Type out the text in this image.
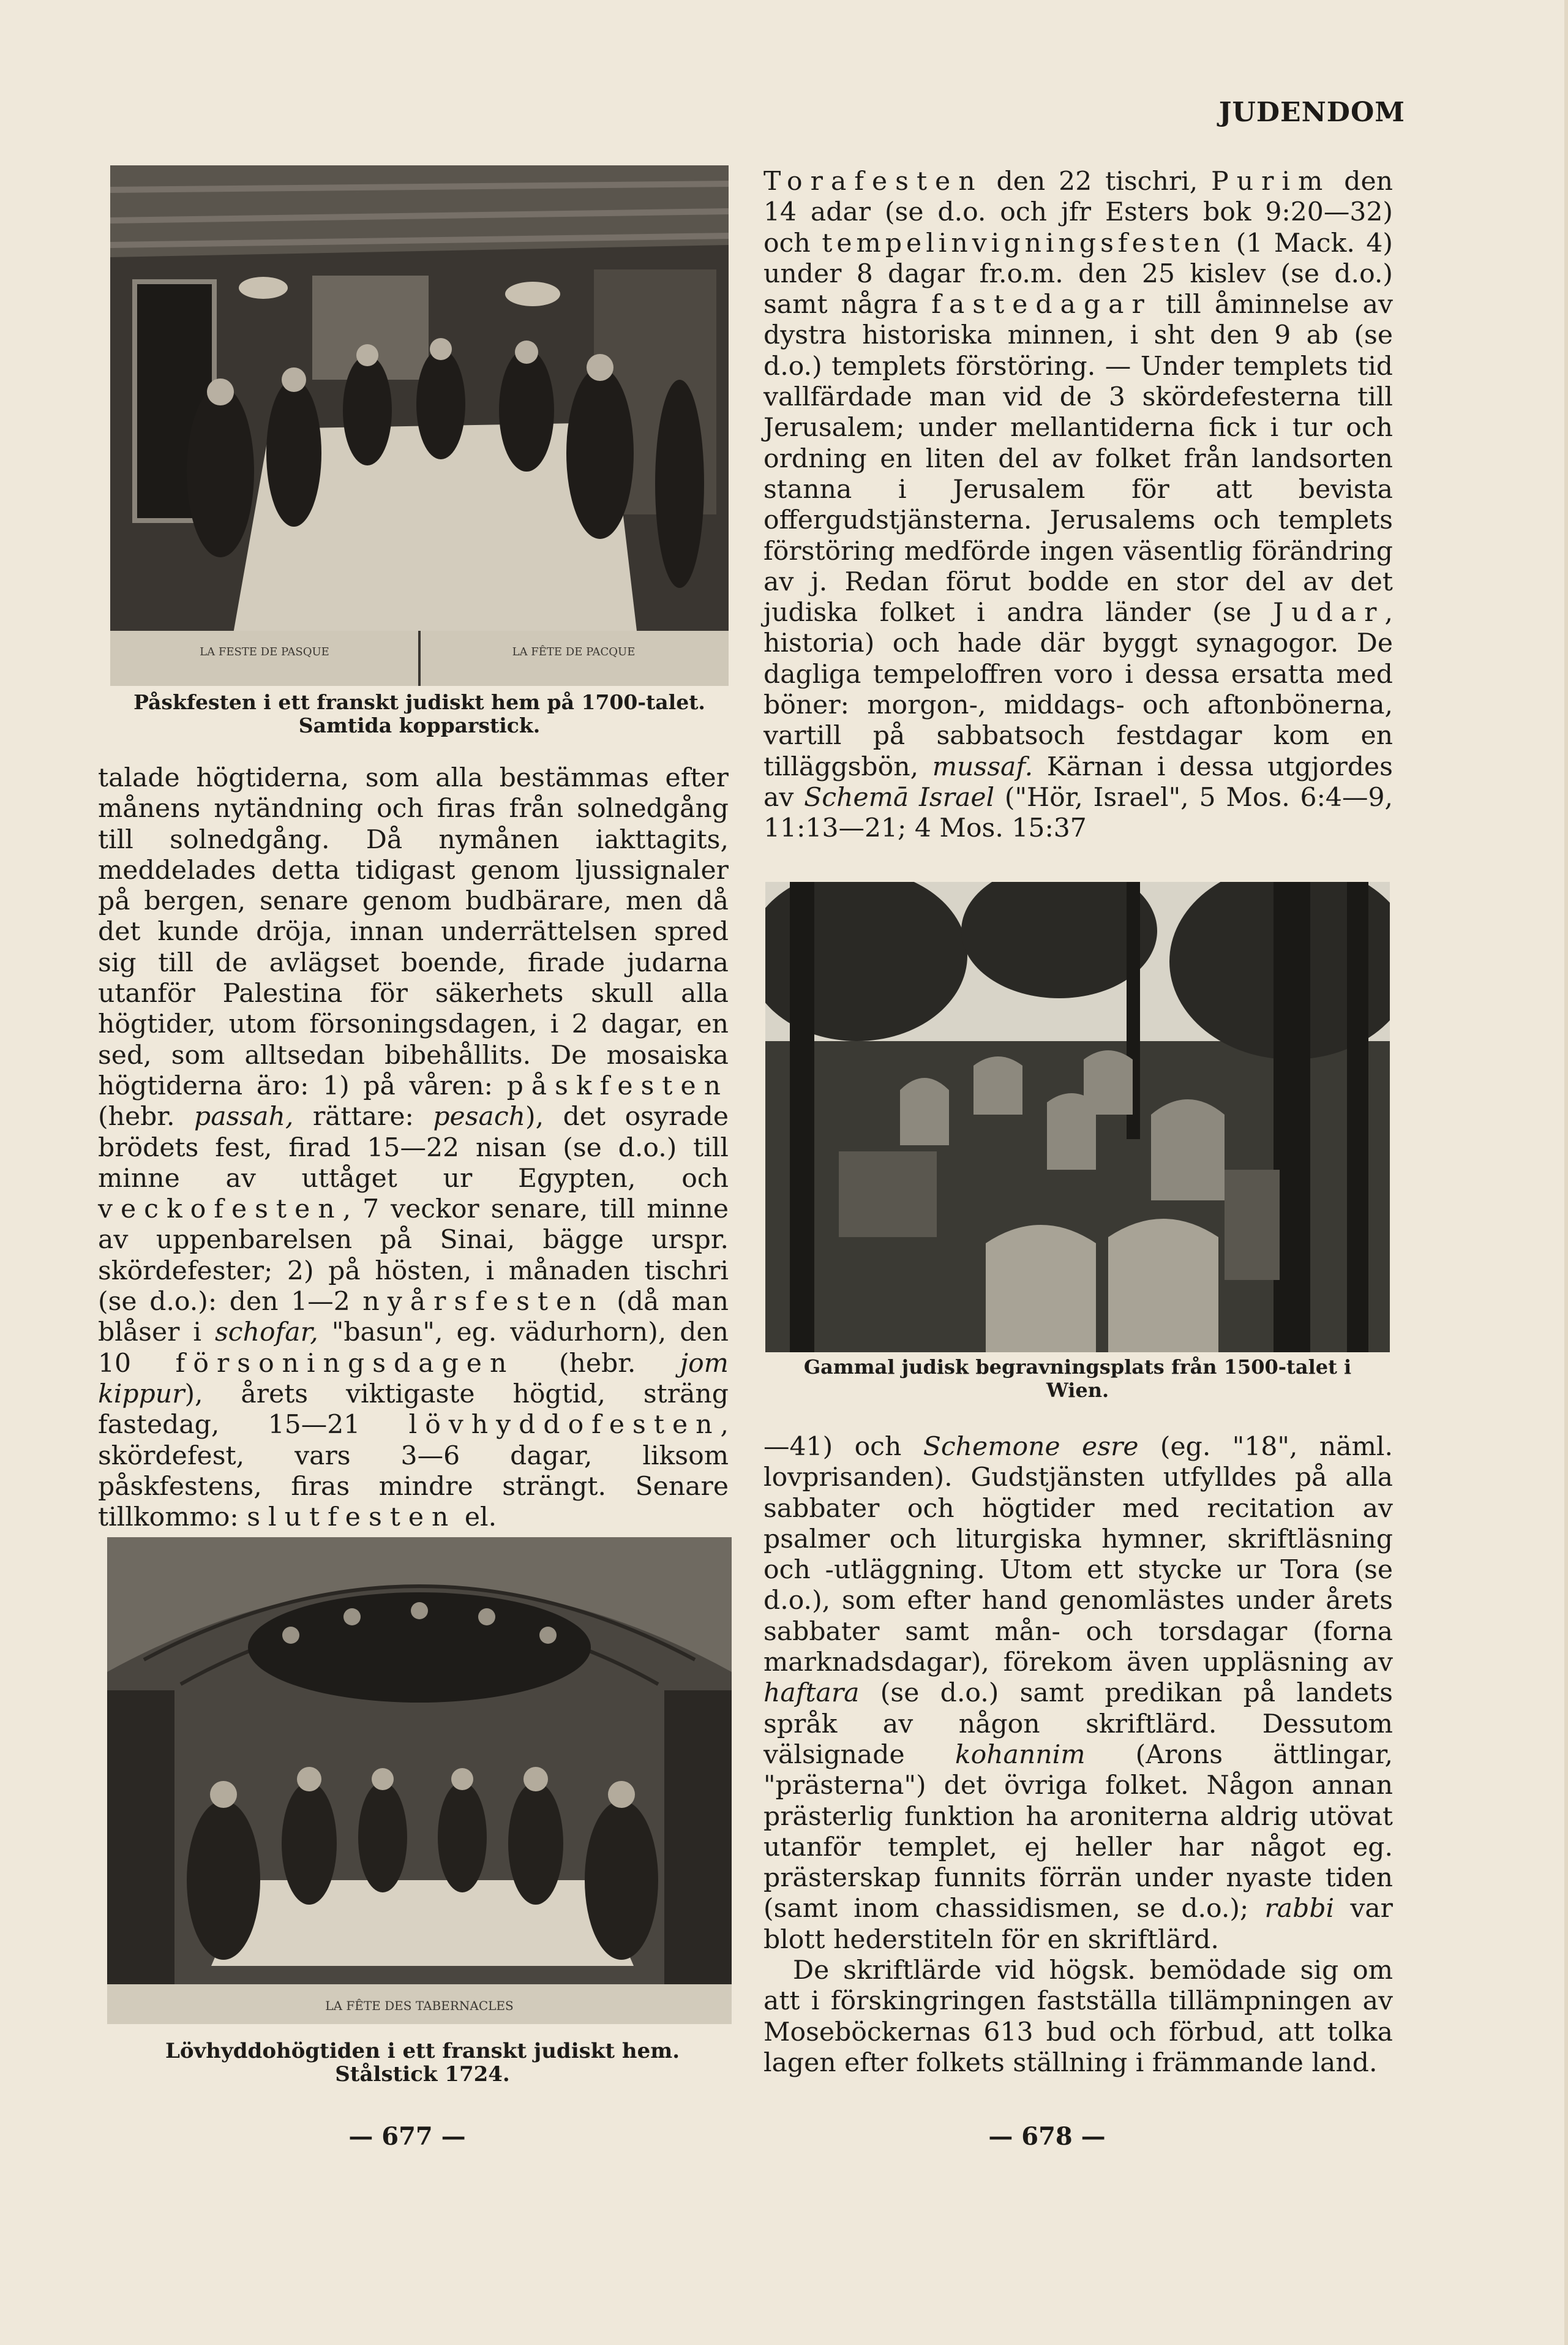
JUDENDOM
LA FESTE DE PASQUE	LA FÊTE DE PACQUE
Påskfesten i ett franskt judiskt hem på 1700-talet. Samtida kopparstick.

talade högtiderna, som alla bestämmas efter månens nytändning och firas från solnedgång till solnedgång. Då nymånen iakttagits, meddelades detta tidigast genom ljussignaler på bergen, senare genom budbärare, men då det kunde dröja, innan underrättelsen spred sig till de avlägset boende, firade judarna utanför Palestina för säkerhets skull alla högtider, utom försoningsdagen, i 2 dagar, en sed, som alltsedan bibehållits. De mosaiska högtiderna äro: 1) på våren: påskfesten (hebr. passah, rättare: pesach), det osyrade brödets fest, firad 15—22 nisan (se d.o.) till minne av uttåget ur Egypten, och veckofesten, 7 veckor senare, till minne av uppenbarelsen på Sinai, bägge urspr. skördefester; 2) på hösten, i månaden tischri (se d.o.): den 1—2 nyårsfesten (då man blåser i schofar, "basun", eg. vädurhorn), den 10 försoningsdagen (hebr. jom kippur), årets viktigaste högtid, sträng fastedag, 15—21 lövhyddofesten, skördefest, vars 3—6 dagar, liksom påskfestens, firas mindre strängt. Senare tillkommo: slutfesten el.

LA FÊTE DES TABERNACLES
Lövhyddohögtiden i ett franskt judiskt hem. Stålstick 1724.
— 677 —

Torafesten den 22 tischri, Purim den 14 adar (se d.o. och jfr Esters bok 9:20—32) och tempelinvigningsfesten (1 Mack. 4) under 8 dagar fr.o.m. den 25 kislev (se d.o.) samt några fastedagar till åminnelse av dystra historiska minnen, i sht den 9 ab (se d.o.) templets förstöring. — Under templets tid vallfärdade man vid de 3 skördefesterna till Jerusalem; under mellantiderna fick i tur och ordning en liten del av folket från landsorten stanna i Jerusalem för att bevista offergudstjänsterna. Jerusalems och templets förstöring medförde ingen väsentlig förändring av j. Redan förut bodde en stor del av det judiska folket i andra länder (se Judar, historia) och hade där byggt synagogor. De dagliga tempeloffren voro i dessa ersatta med böner: morgon-, middags- och aftonbönerna, vartill på sabbatsoch festdagar kom en tilläggsbön, mussaf. Kärnan i dessa utgjordes av Schemā Israel ("Hör, Israel", 5 Mos. 6:4—9, 11:13—21; 4 Mos. 15:37

Gammal judisk begravningsplats från 1500-talet i Wien.

—41) och Schemone esre (eg. "18", näml. lovprisanden). Gudstjänsten utfylldes på alla sabbater och högtider med recitation av psalmer och liturgiska hymner, skriftläsning och -utläggning. Utom ett stycke ur Tora (se d.o.), som efter hand genomlästes under årets sabbater samt mån- och torsdagar (forna marknadsdagar), förekom även uppläsning av haftara (se d.o.) samt predikan på landets språk av någon skriftlärd. Dessutom välsignade kohannim (Arons ättlingar, "prästerna") det övriga folket. Någon annan prästerlig funktion ha aroniterna aldrig utövat utanför templet, ej heller har något eg. prästerskap funnits förrän under nyaste tiden (samt inom chassidismen, se d.o.); rabbi var blott hederstiteln för en skriftlärd.

De skriftlärde vid högsk. bemödade sig om att i förskingringen fastställa tillämpningen av Moseböckernas 613 bud och förbud, att tolka lagen efter folkets ställning i främmande land.

— 678 —
